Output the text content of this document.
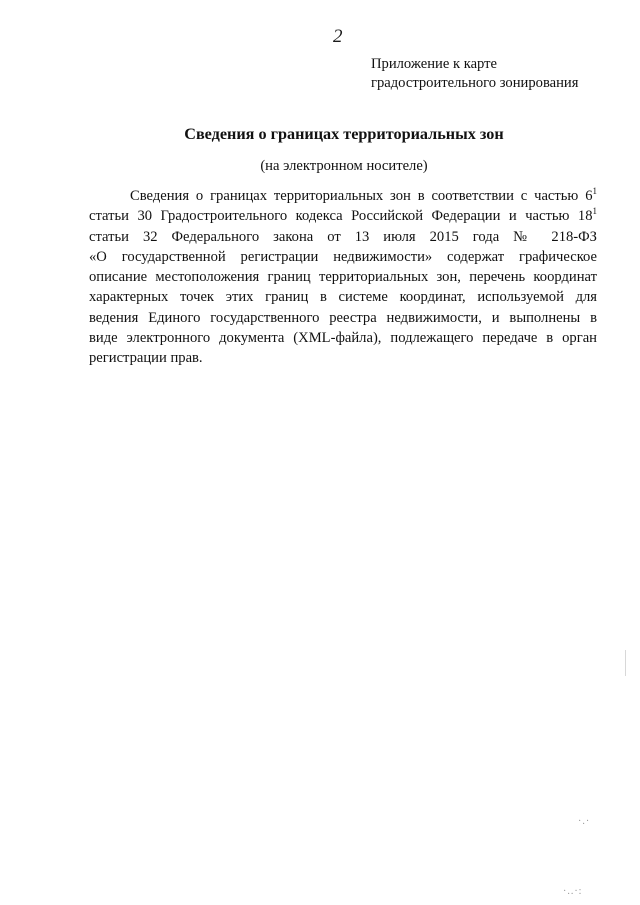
2
Приложение к карте
градостроительного зонирования
Сведения о границах территориальных зон
(на электронном носителе)
Сведения о границах территориальных зон в соответствии с частью $6^1$
статьи 30 Градостроительного кодекса Российской Федерации и частью $18^1$
статьи 32 Федерального закона от 13 июля 2015 года № 218-ФЗ
«О государственной регистрации недвижимости» содержат графическое
описание местоположения границ территориальных зон, перечень координат
характерных точек этих границ в системе координат, используемой для
ведения Единого государственного реестра недвижимости, и выполнены в
виде электронного документа (XML-файла), подлежащего передаче в орган
регистрации прав.
·.·
·..·:
